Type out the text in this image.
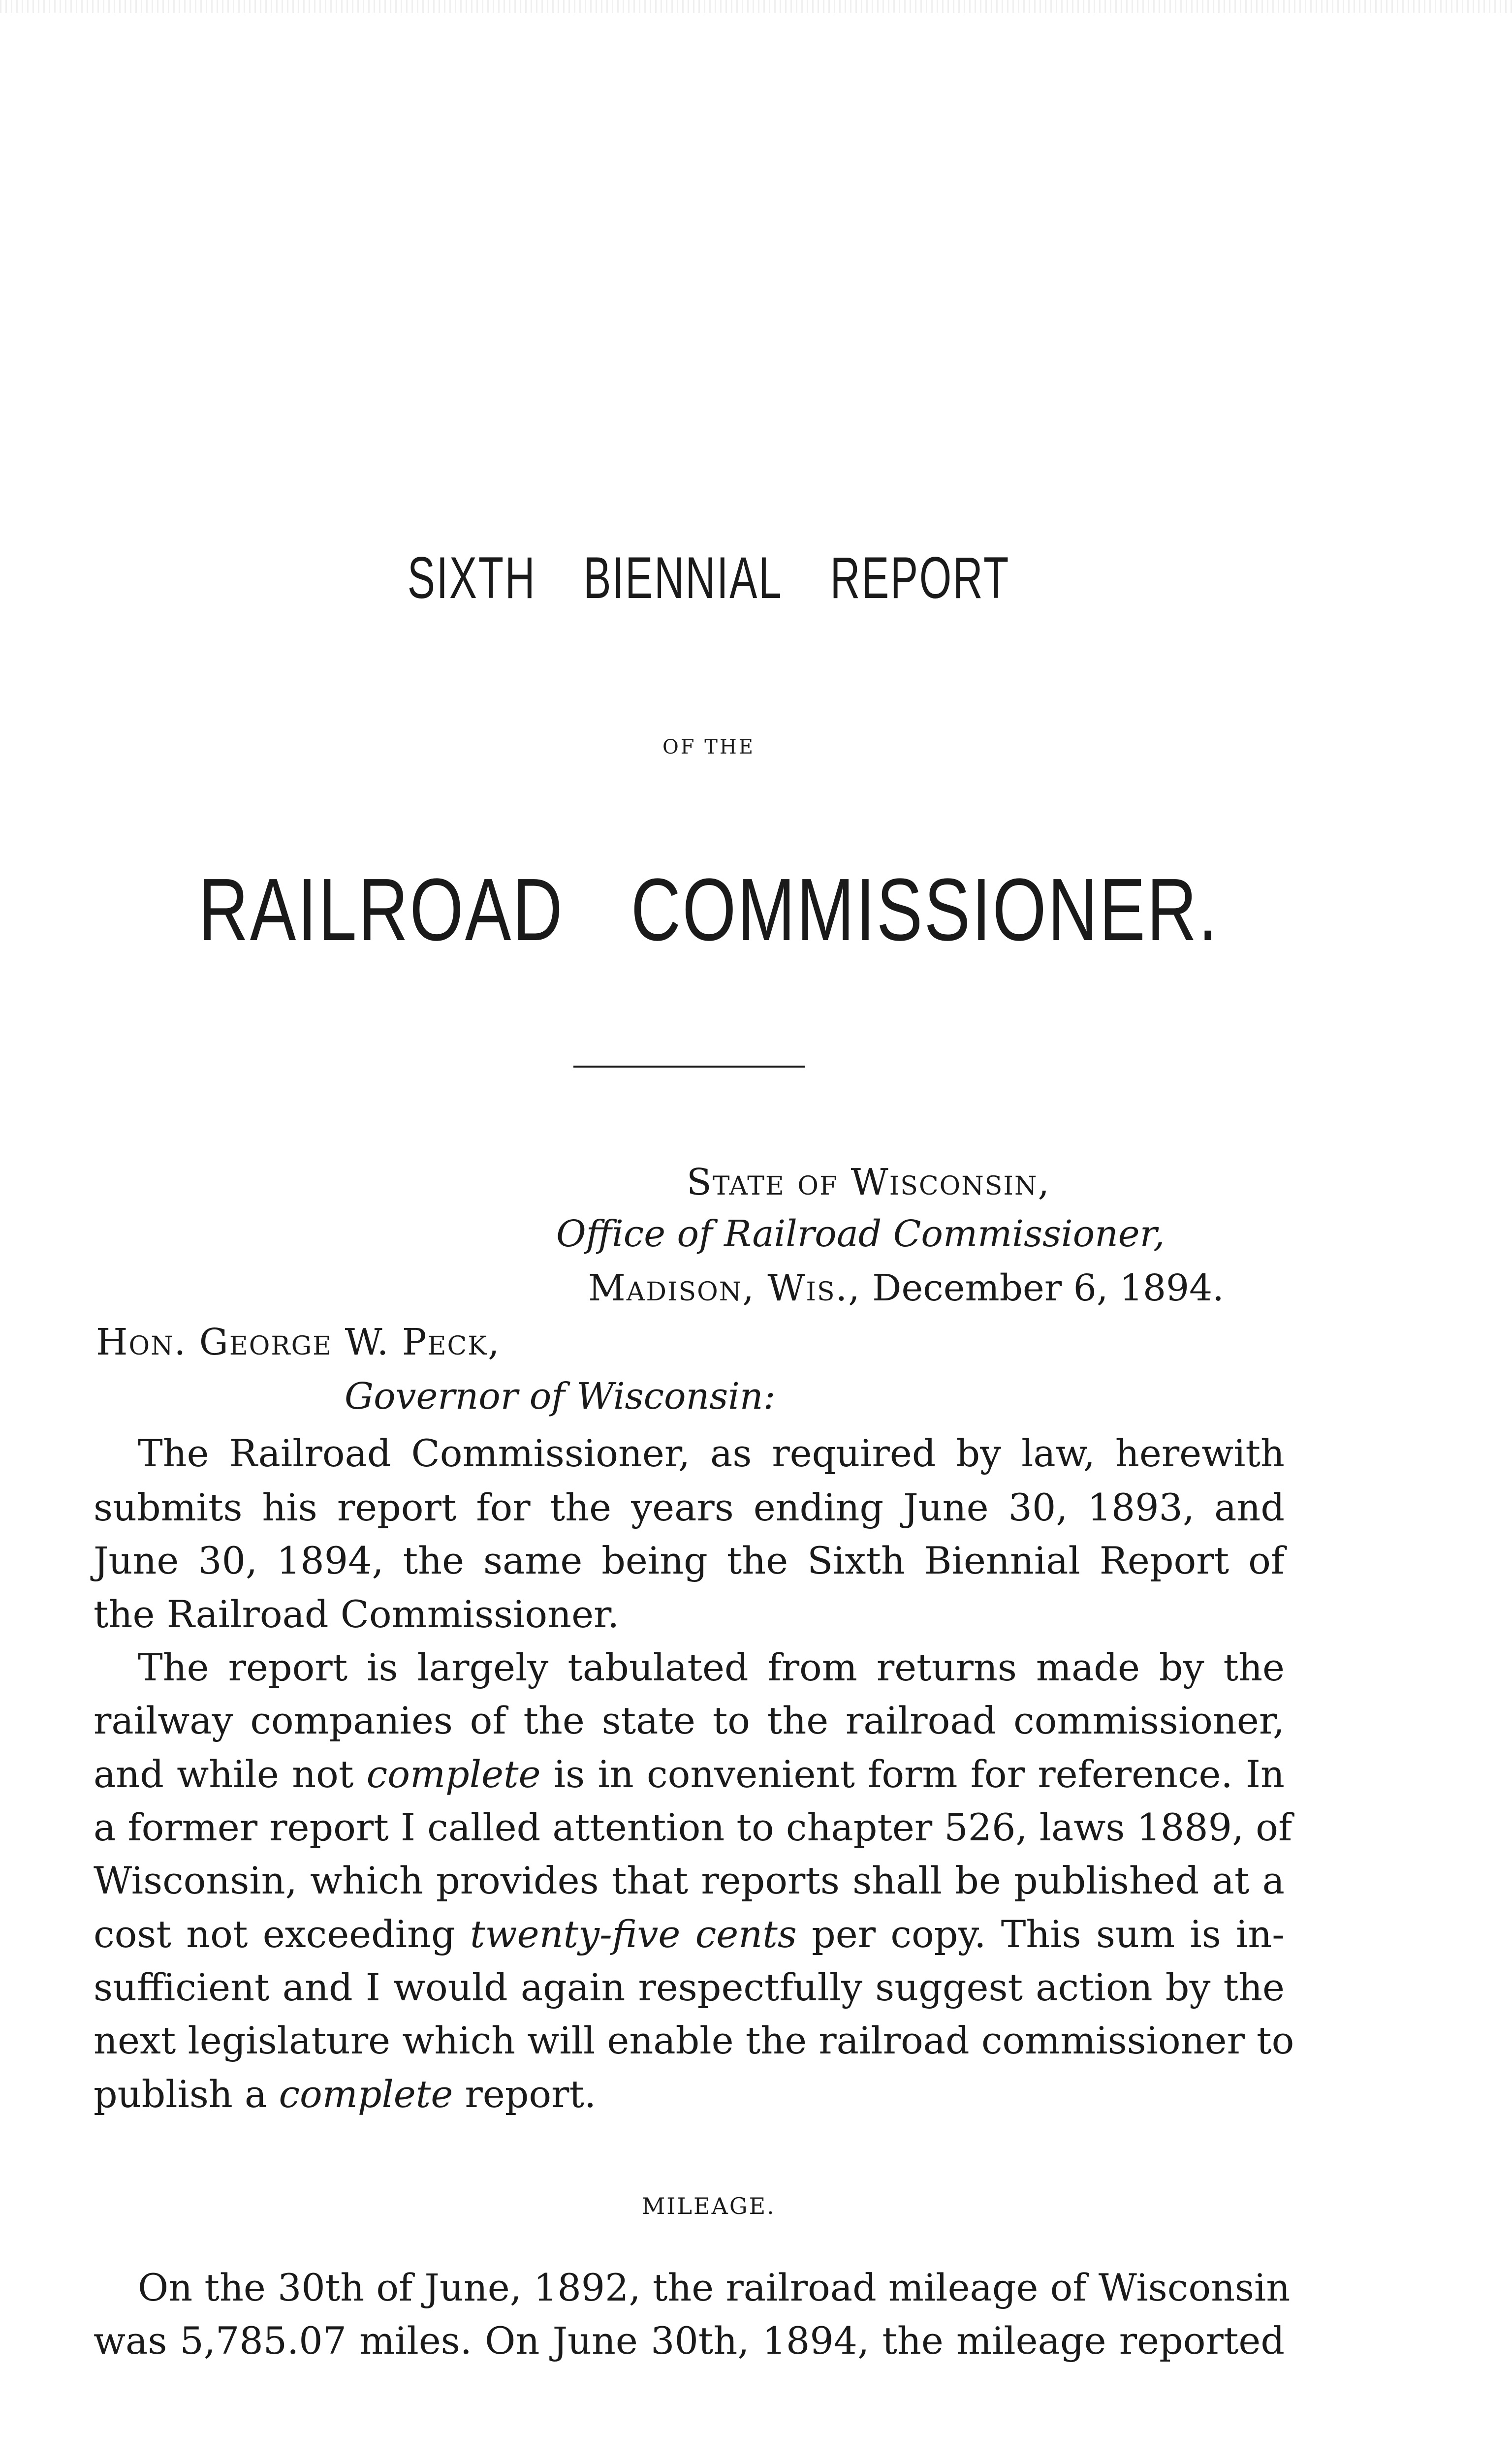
SIXTH BIENNIAL REPORT
OF THE
RAILROAD COMMISSIONER.
State of Wisconsin,
Office of Railroad Commissioner,
Madison, Wis., December 6, 1894.
Hon. George W. Peck,
Governor of Wisconsin:
The Railroad Commissioner, as required by law, herewith
submits his report for the years ending June 30, 1893, and
June 30, 1894, the same being the Sixth Biennial Report of
the Railroad Commissioner.
The report is largely tabulated from returns made by the
railway companies of the state to the railroad commissioner,
and while not complete is in convenient form for reference. In
a former report I called attention to chapter 526, laws 1889, of
Wisconsin, which provides that reports shall be published at a
cost not exceeding twenty-five cents per copy. This sum is in-
sufficient and I would again respectfully suggest action by the
next legislature which will enable the railroad commissioner to
publish a complete report.
MILEAGE.
On the 30th of June, 1892, the railroad mileage of Wisconsin
was 5,785.07 miles. On June 30th, 1894, the mileage reported
